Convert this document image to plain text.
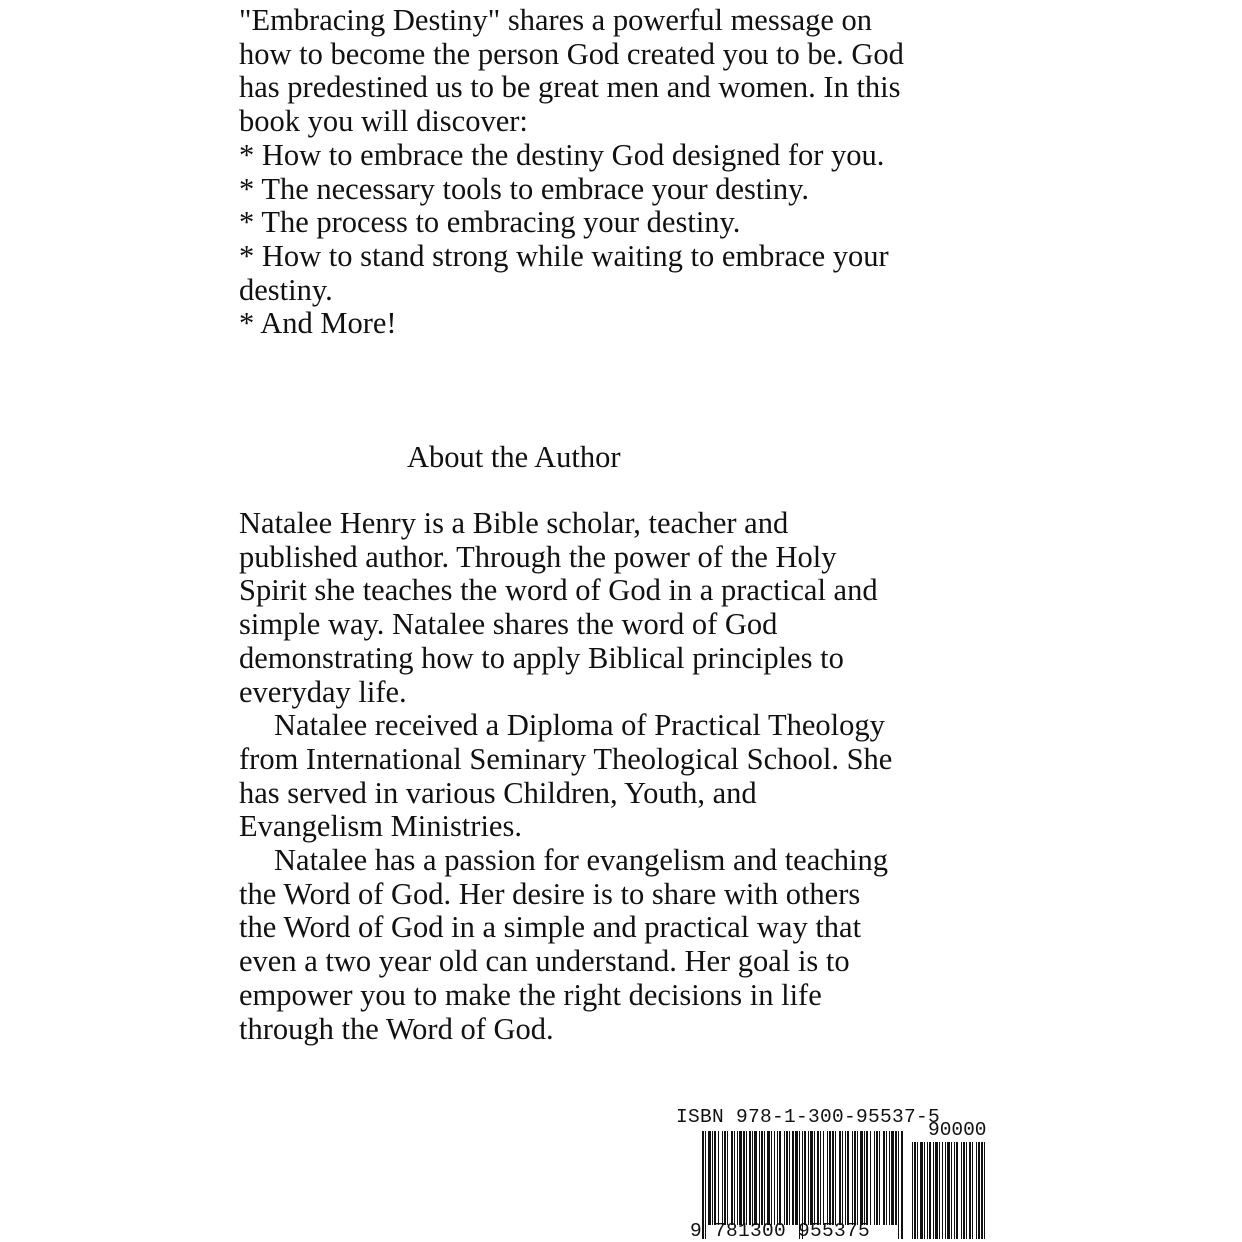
"Embracing Destiny" shares a powerful message on
how to become the person God created you to be. God
has predestined us to be great men and women. In this
book you will discover:
* How to embrace the destiny God designed for you.
* The necessary tools to embrace your destiny.
* The process to embracing your destiny.
* How to stand strong while waiting to embrace your
destiny.
* And More!
About the Author
Natalee Henry is a Bible scholar, teacher and
published author. Through the power of the Holy
Spirit she teaches the word of God in a practical and
simple way. Natalee shares the word of God
demonstrating how to apply Biblical principles to
everyday life.
Natalee received a Diploma of Practical Theology
from International Seminary Theological School. She
has served in various Children, Youth, and
Evangelism Ministries.
Natalee has a passion for evangelism and teaching
the Word of God. Her desire is to share with others
the Word of God in a simple and practical way that
even a two year old can understand. Her goal is to
empower you to make the right decisions in life
through the Word of God.
ISBN 978-1-300-95537-5
90000
9 781300 955375
